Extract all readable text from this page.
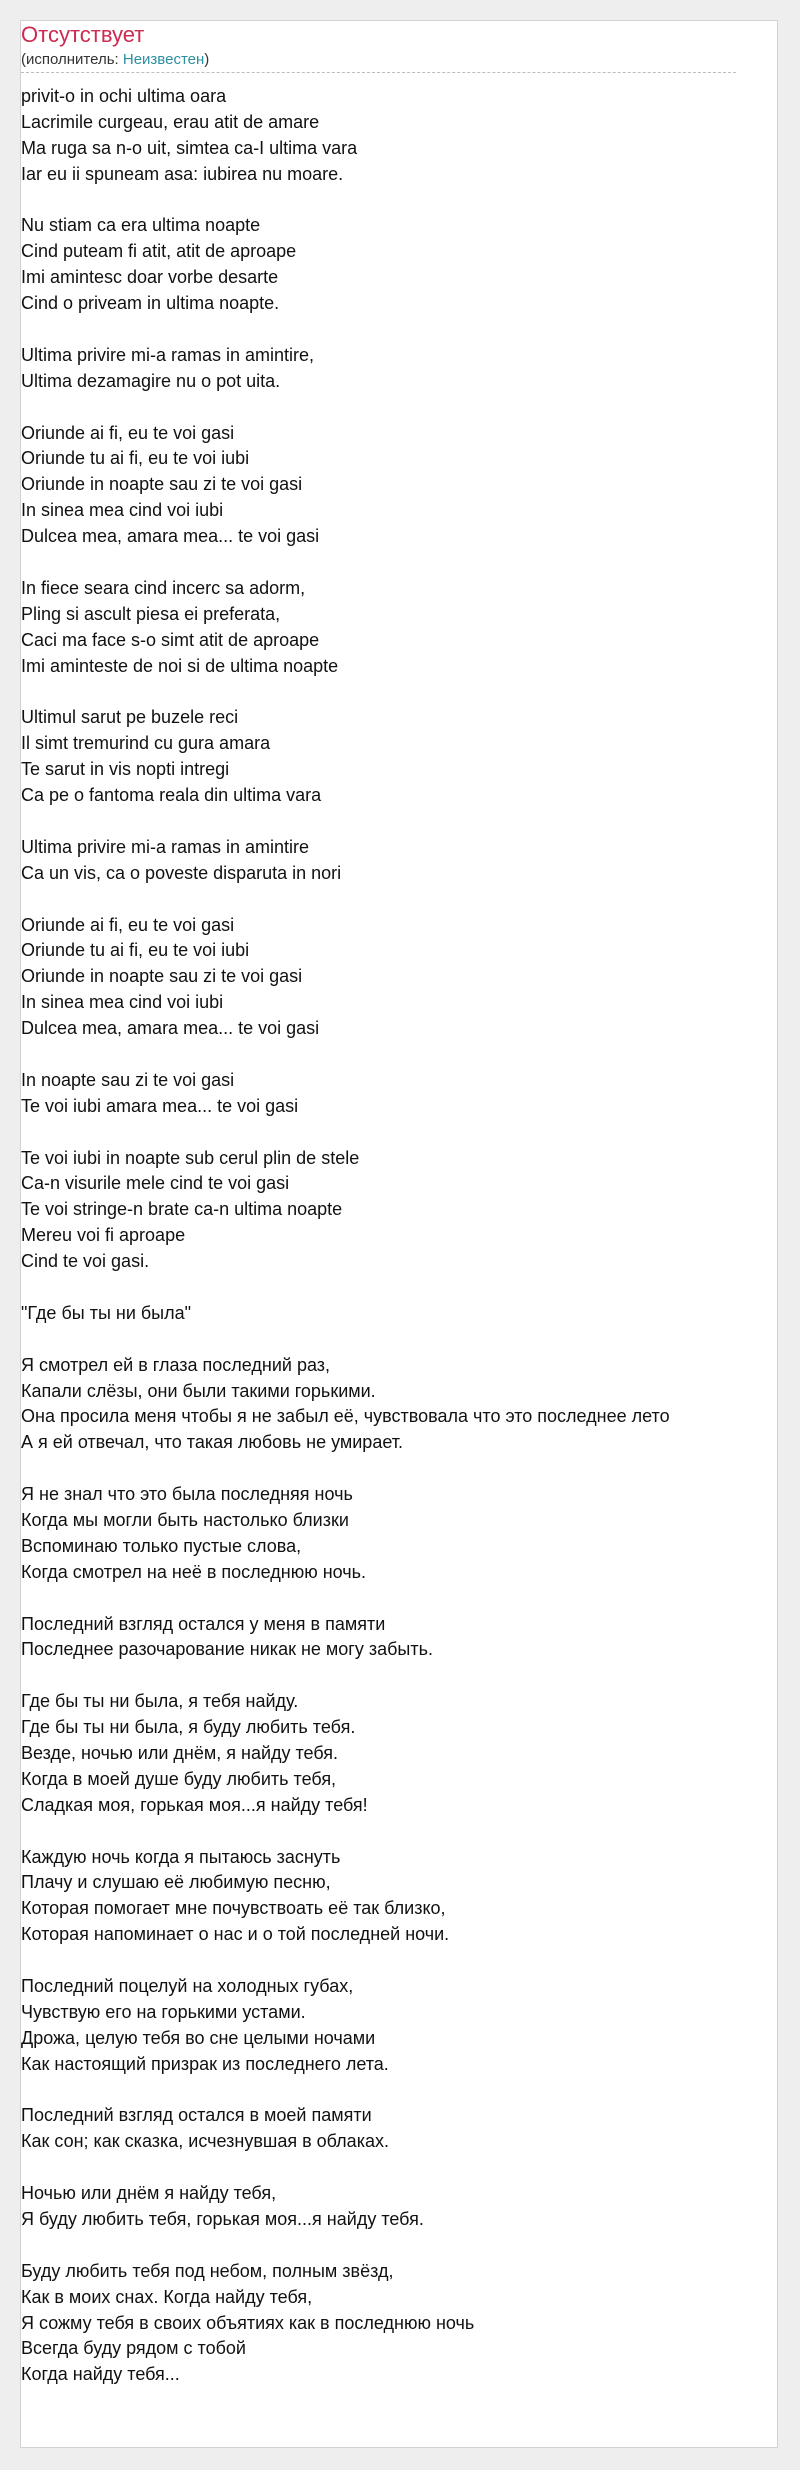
Отсутствует
(исполнитель: Неизвестен)
privit-o in ochi ultima oara
Lacrimile curgeau, erau atit de amare
Ma ruga sa n-o uit, simtea ca-I ultima vara
Iar eu ii spuneam asa: iubirea nu moare.
Nu stiam ca era ultima noapte
Cind puteam fi atit, atit de aproape
Imi amintesc doar vorbe desarte
Cind o priveam in ultima noapte.
Ultima privire mi-a ramas in amintire,
Ultima dezamagire nu o pot uita.
Oriunde ai fi, eu te voi gasi
Oriunde tu ai fi, eu te voi iubi
Oriunde in noapte sau zi te voi gasi
In sinea mea cind voi iubi
Dulcea mea, amara mea... te voi gasi
In fiece seara cind incerc sa adorm,
Pling si ascult piesa ei preferata,
Caci ma face s-o simt atit de aproape
Imi aminteste de noi si de ultima noapte
Ultimul sarut pe buzele reci
Il simt tremurind cu gura amara
Te sarut in vis nopti intregi
Ca pe o fantoma reala din ultima vara
Ultima privire mi-a ramas in amintire
Ca un vis, ca o poveste disparuta in nori
Oriunde ai fi, eu te voi gasi
Oriunde tu ai fi, eu te voi iubi
Oriunde in noapte sau zi te voi gasi
In sinea mea cind voi iubi
Dulcea mea, amara mea... te voi gasi
In noapte sau zi te voi gasi
Te voi iubi amara mea... te voi gasi
Te voi iubi in noapte sub cerul plin de stele
Ca-n visurile mele cind te voi gasi
Te voi stringe-n brate ca-n ultima noapte
Mereu voi fi aproape
Cind te voi gasi.
"Где бы ты ни была"
Я смотрел ей в глаза последний раз,
Капали слёзы, они были такими горькими.
Она просила меня чтобы я не забыл её, чувствовала что это последнее лето
А я ей отвечал, что такая любовь не умирает.
Я не знал что это была последняя ночь
Когда мы могли быть настолько близки
Вспоминаю только пустые слова,
Когда смотрел на неё в последнюю ночь.
Последний взгляд остался у меня в памяти
Последнее разочарование никак не могу забыть.
Где бы ты ни была, я тебя найду.
Где бы ты ни была, я буду любить тебя.
Везде, ночью или днём, я найду тебя.
Когда в моей душе буду любить тебя,
Сладкая моя, горькая моя...я найду тебя!
Каждую ночь когда я пытаюсь заснуть
Плачу и слушаю её любимую песню,
Которая помогает мне почувствоать её так близко,
Которая напоминает о нас и о той последней ночи.
Последний поцелуй на холодных губах,
Чувствую его на горькими устами.
Дрожа, целую тебя во сне целыми ночами
Как настоящий призрак из последнего лета.
Последний взгляд остался в моей памяти
Как сон; как сказка, исчезнувшая в облаках.
Ночью или днём я найду тебя,
Я буду любить тебя, горькая моя...я найду тебя.
Буду любить тебя под небом, полным звёзд,
Как в моих снах. Когда найду тебя,
Я сожму тебя в своих объятиях как в последнюю ночь
Всегда буду рядом с тобой
Когда найду тебя...
